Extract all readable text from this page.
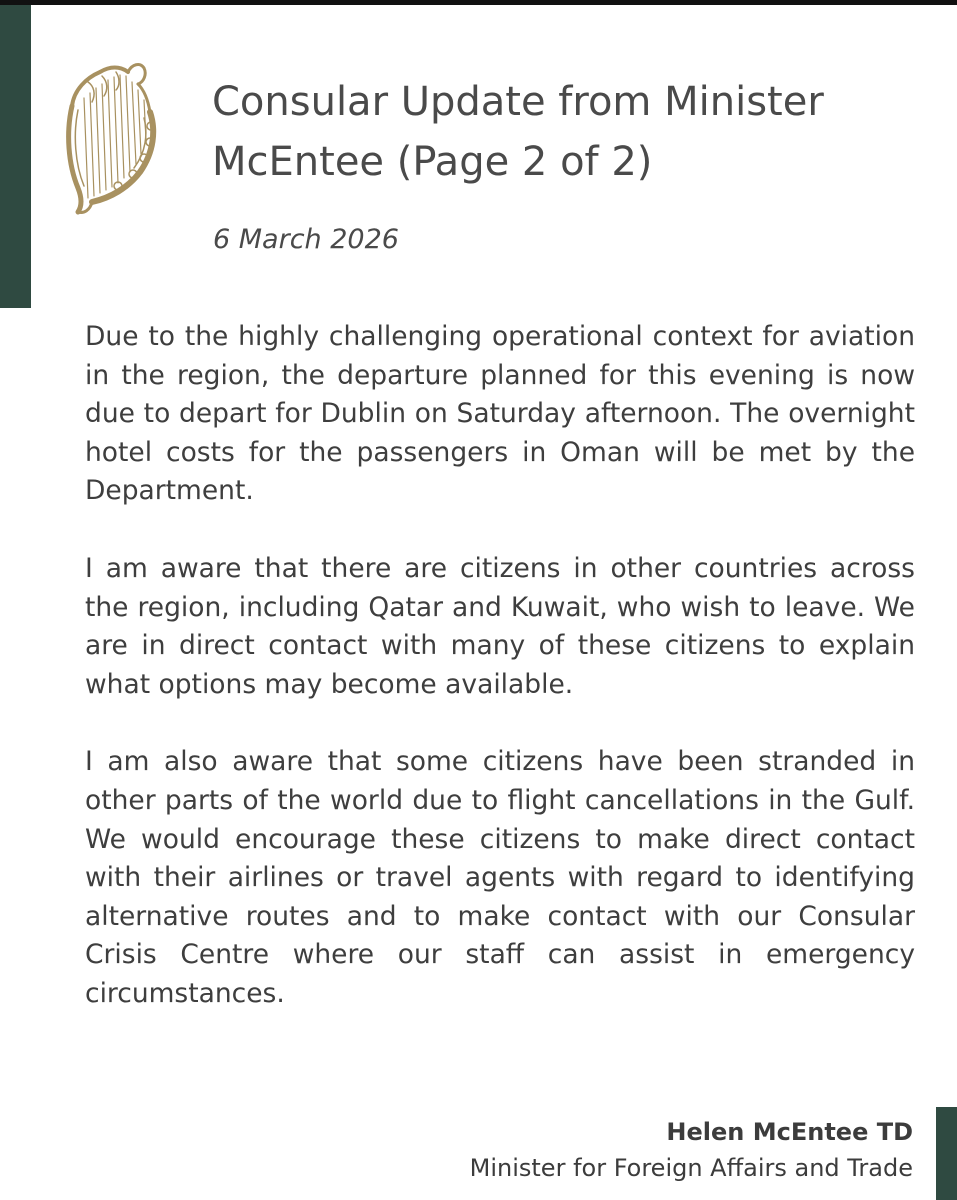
Consular Update from Minister
McEntee (Page 2 of 2)
6 March 2026

Due to the highly challenging operational context for aviation in the region, the departure planned for this evening is now due to depart for Dublin on Saturday afternoon. The overnight hotel costs for the passengers in Oman will be met by the Department.

I am aware that there are citizens in other countries across the region, including Qatar and Kuwait, who wish to leave. We are in direct contact with many of these citizens to explain what options may become available.

I am also aware that some citizens have been stranded in other parts of the world due to flight cancellations in the Gulf. We would encourage these citizens to make direct contact with their airlines or travel agents with regard to identifying alternative routes and to make contact with our Consular Crisis Centre where our staff can assist in emergency circumstances.

Helen McEntee TD
Minister for Foreign Affairs and Trade
